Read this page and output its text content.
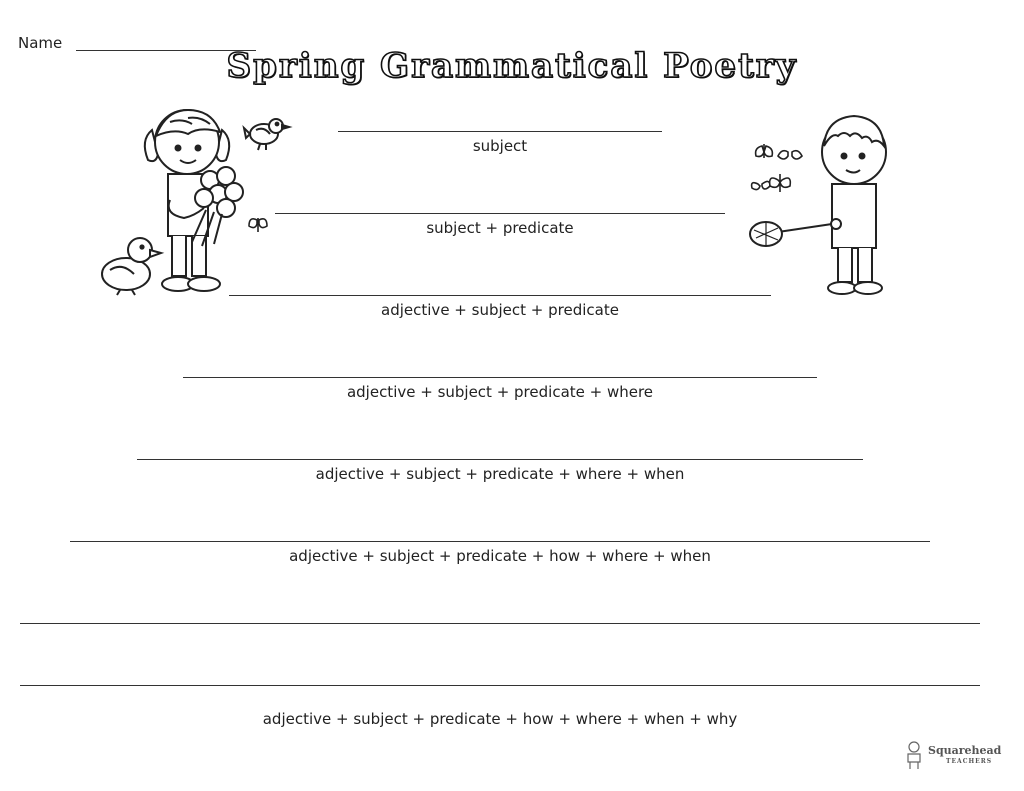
Name
Spring Grammatical Poetry
subject
subject + predicate
adjective + subject + predicate
adjective + subject + predicate + where
adjective + subject + predicate + where + when
adjective + subject + predicate + how + where + when
adjective + subject + predicate + how + where + when + why
Squarehead
TEACHERS
